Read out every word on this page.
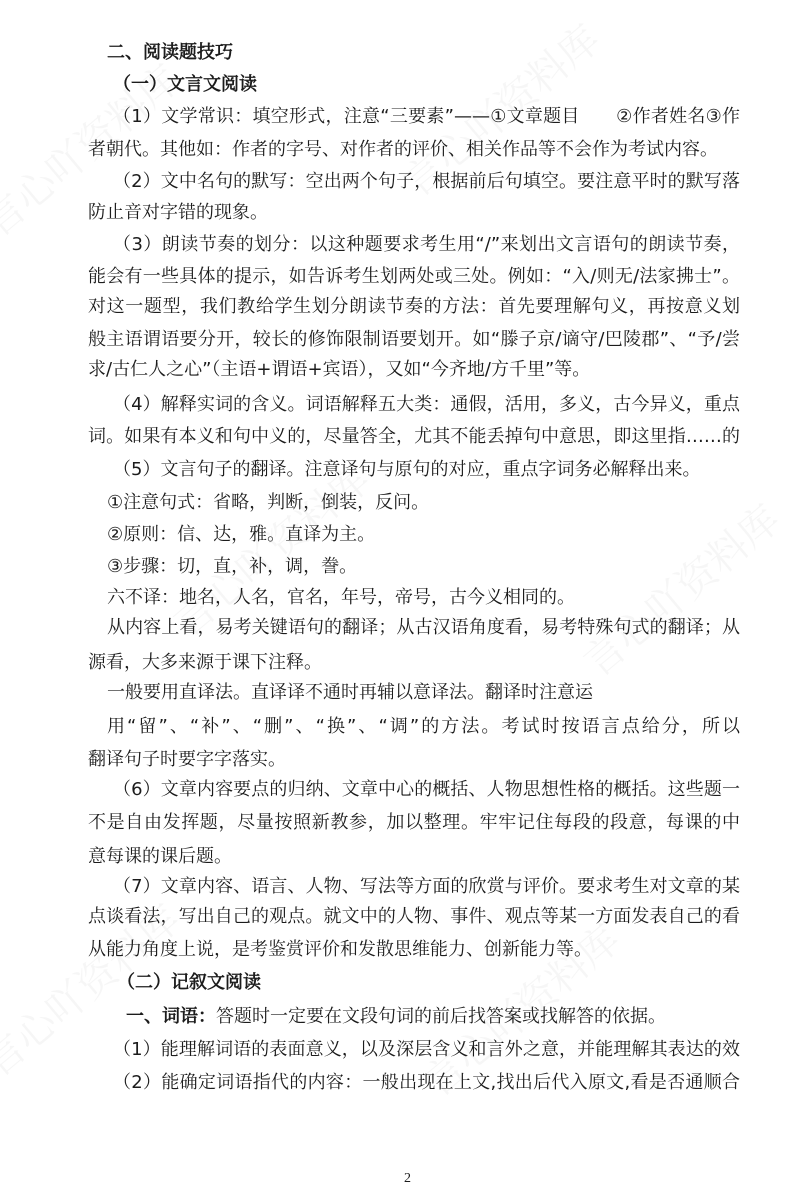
二、阅读题技巧
（一）文言文阅读
（1）文学常识：填空形式，注意“三要素”——①文章题目　　②作者姓名③作
者朝代。其他如：作者的字号、对作者的评价、相关作品等不会作为考试内容。
（2）文中名句的默写：空出两个句子，根据前后句填空。要注意平时的默写落
防止音对字错的现象。
（3）朗读节奏的划分：以这种题要求考生用“/”来划出文言语句的朗读节奏，
能会有一些具体的提示，如告诉考生划两处或三处。例如：“入/则无/法家拂士”。
对这一题型，我们教给学生划分朗读节奏的方法：首先要理解句义，再按意义划
般主语谓语要分开，较长的修饰限制语要划开。如“滕子京/谪守/巴陵郡”、“予/尝
求/古仁人之心”（主语+谓语+宾语），又如“今齐地/方千里”等。
（4）解释实词的含义。词语解释五大类：通假，活用，多义，古今异义，重点
词。如果有本义和句中义的，尽量答全，尤其不能丢掉句中意思，即这里指……的
（5）文言句子的翻译。注意译句与原句的对应，重点字词务必解释出来。
①注意句式：省略，判断，倒装，反问。
②原则：信、达，雅。直译为主。
③步骤：切，直，补，调，誊。
六不译：地名，人名，官名，年号，帝号，古今义相同的。
从内容上看，易考关键语句的翻译；从古汉语角度看，易考特殊句式的翻译；从
源看，大多来源于课下注释。
一般要用直译法。直译译不通时再辅以意译法。翻译时注意运
用“留”、“补”、“删”、“换”、“调”的方法。考试时按语言点给分，所以
翻译句子时要字字落实。
（6）文章内容要点的归纳、文章中心的概括、人物思想性格的概括。这些题一
不是自由发挥题，尽量按照新教参，加以整理。牢牢记住每段的段意，每课的中
意每课的课后题。
（7）文章内容、语言、人物、写法等方面的欣赏与评价。要求考生对文章的某
点谈看法，写出自己的观点。就文中的人物、事件、观点等某一方面发表自己的看
从能力角度上说，是考鉴赏评价和发散思维能力、创新能力等。
（二）记叙文阅读
一、词语：答题时一定要在文段句词的前后找答案或找解答的依据。
（1）能理解词语的表面意义，以及深层含义和言外之意，并能理解其表达的效
（2）能确定词语指代的内容：一般出现在上文,找出后代入原文,看是否通顺合
2
